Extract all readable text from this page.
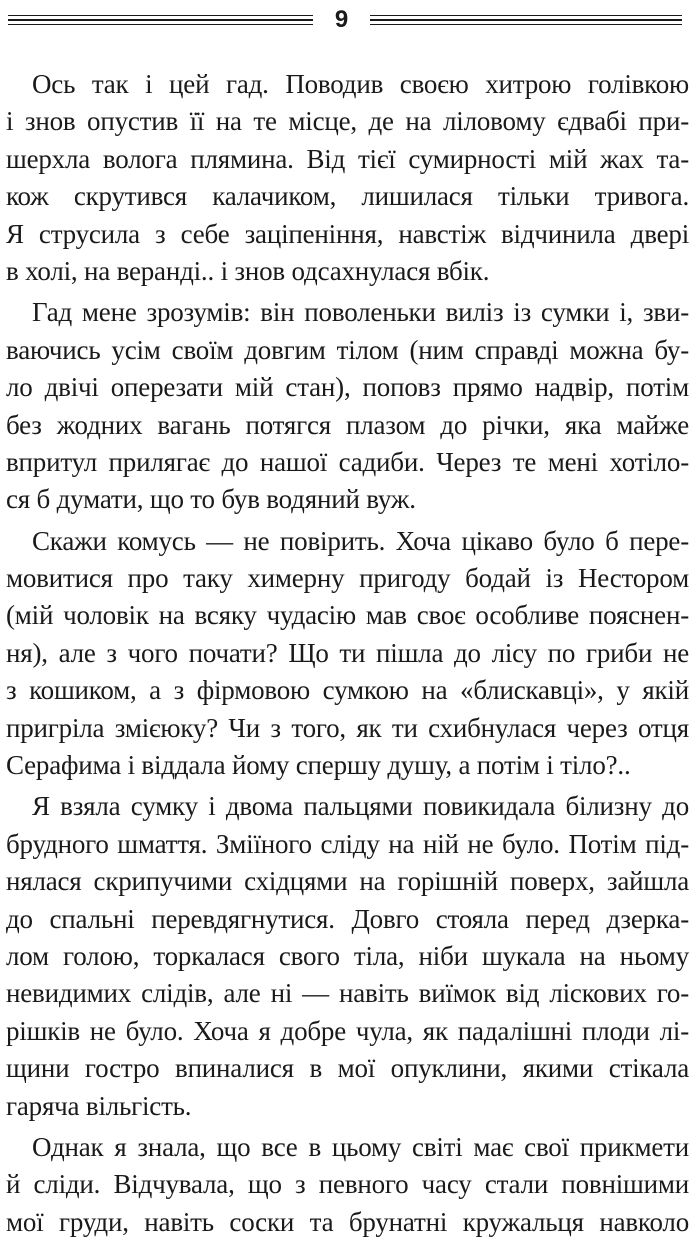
9
Ось так і цей гад. Поводив своєю хитрою голівкою
і знов опустив її на те місце, де на ліловому єдвабі при-
шерхла волога плямина. Від тієї сумирності мій жах та-
кож скрутився калачиком, лишилася тільки тривога.
Я струсила з себе заціпеніння, навстіж відчинила двері
в холі, на веранді.. і знов одсахнулася вбік.
Гад мене зрозумів: він поволеньки виліз із сумки і, зви-
ваючись усім своїм довгим тілом (ним справді можна бу-
ло двічі оперезати мій стан), поповз прямо надвір, потім
без жодних вагань потягся плазом до річки, яка майже
впритул прилягає до нашої садиби. Через те мені хотіло-
ся б думати, що то був водяний вуж.
Скажи комусь — не повірить. Хоча цікаво було б пере-
мовитися про таку химерну пригоду бодай із Нестором
(мій чоловік на всяку чудасію мав своє особливе пояснен-
ня), але з чого почати? Що ти пішла до лісу по гриби не
з кошиком, а з фірмовою сумкою на «блискавці», у якій
пригріла змієюку? Чи з того, як ти схибнулася через отця
Серафима і віддала йому спершу душу, а потім і тіло?..
Я взяла сумку і двома пальцями повикидала білизну до
брудного шмаття. Зміїного сліду на ній не було. Потім під-
нялася скрипучими східцями на горішній поверх, зайшла
до спальні перевдягнутися. Довго стояла перед дзерка-
лом голою, торкалася свого тіла, ніби шукала на ньому
невидимих слідів, але ні — навіть виїмок від ліскових го-
рішків не було. Хоча я добре чула, як падалішні плоди лі-
щини гостро впиналися в мої опуклини, якими стікала
гаряча вільгість.
Однак я знала, що все в цьому світі має свої прикмети
й сліди. Відчувала, що з певного часу стали повнішими
мої груди, навіть соски та брунатні кружальця навколо
